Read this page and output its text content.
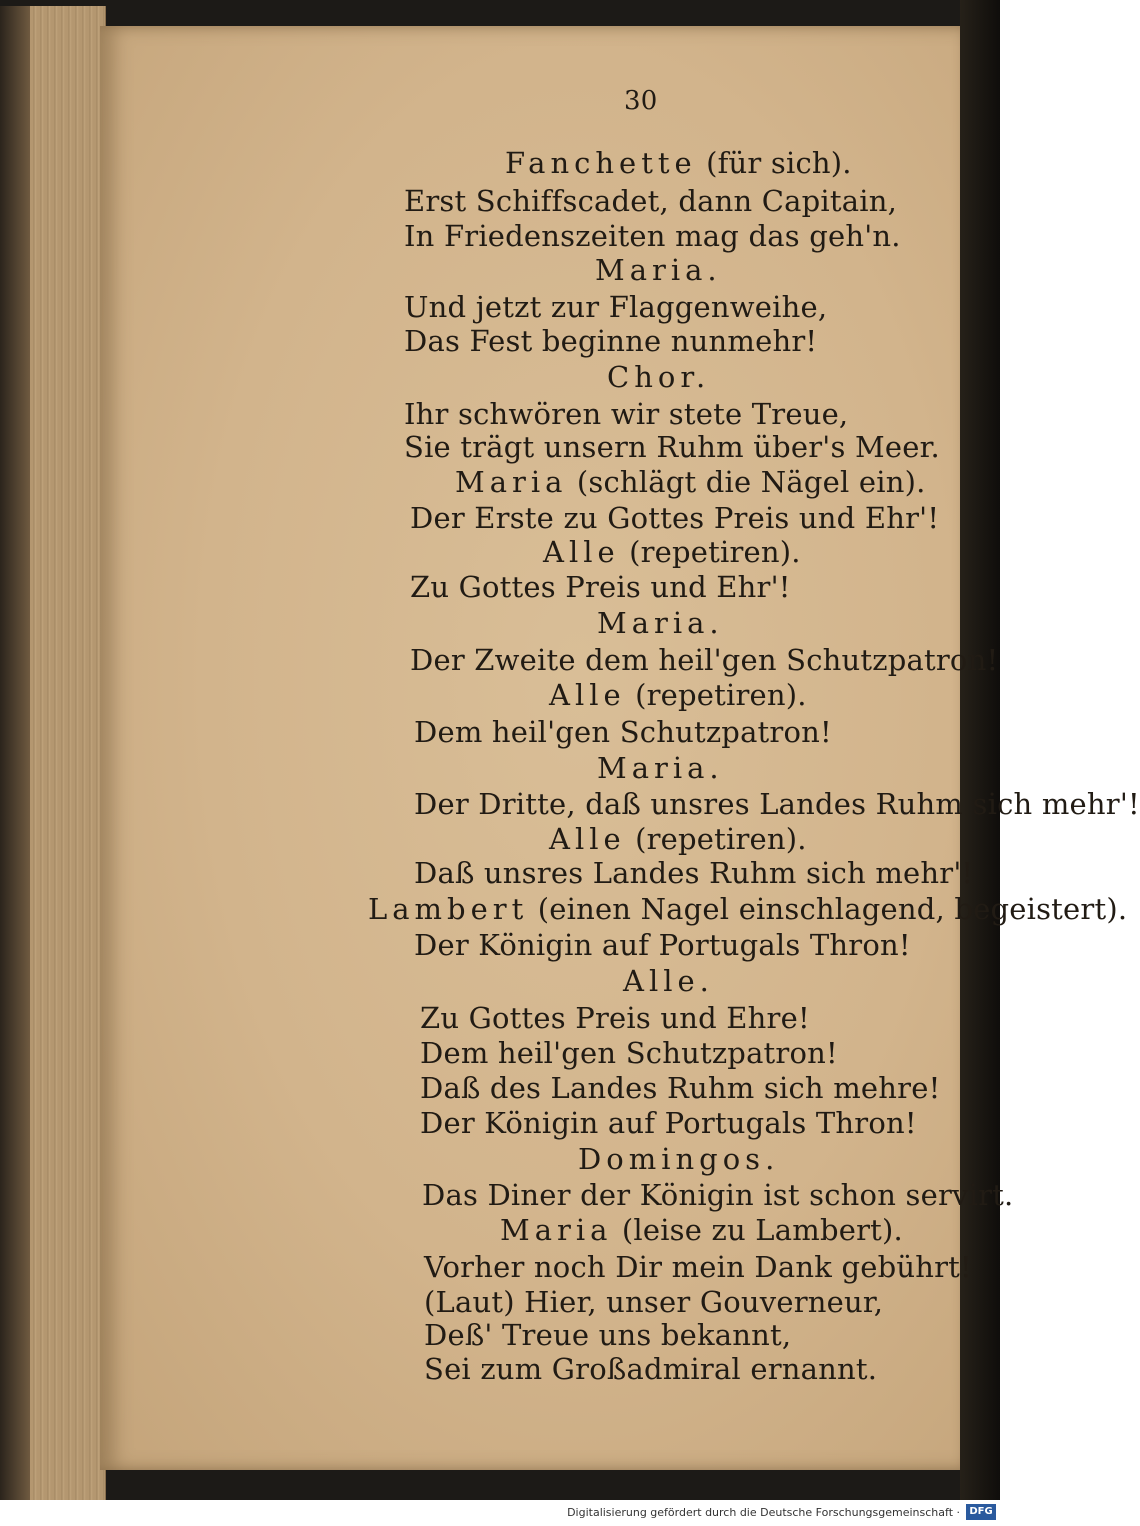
30
Fanchette (für sich).
Erst Schiffscadet, dann Capitain,
In Friedenszeiten mag das geh'n.
Maria.
Und jetzt zur Flaggenweihe,
Das Fest beginne nunmehr!
Chor.
Ihr schwören wir stete Treue,
Sie trägt unsern Ruhm über's Meer.
Maria (schlägt die Nägel ein).
Der Erste zu Gottes Preis und Ehr'!
Alle (repetiren).
Zu Gottes Preis und Ehr'!
Maria.
Der Zweite dem heil'gen Schutzpatron!
Alle (repetiren).
Dem heil'gen Schutzpatron!
Maria.
Der Dritte, daß unsres Landes Ruhm sich mehr'!
Alle (repetiren).
Daß unsres Landes Ruhm sich mehr'!
Lambert (einen Nagel einschlagend, begeistert).
Der Königin auf Portugals Thron!
Alle.
Zu Gottes Preis und Ehre!
Dem heil'gen Schutzpatron!
Daß des Landes Ruhm sich mehre!
Der Königin auf Portugals Thron!
Domingos.
Das Diner der Königin ist schon servirt.
Maria (leise zu Lambert).
Vorher noch Dir mein Dank gebührt!
(Laut) Hier, unser Gouverneur,
Deß' Treue uns bekannt,
Sei zum Großadmiral ernannt.
Digitalisierung gefördert durch die Deutsche Forschungsgemeinschaft · DFG
